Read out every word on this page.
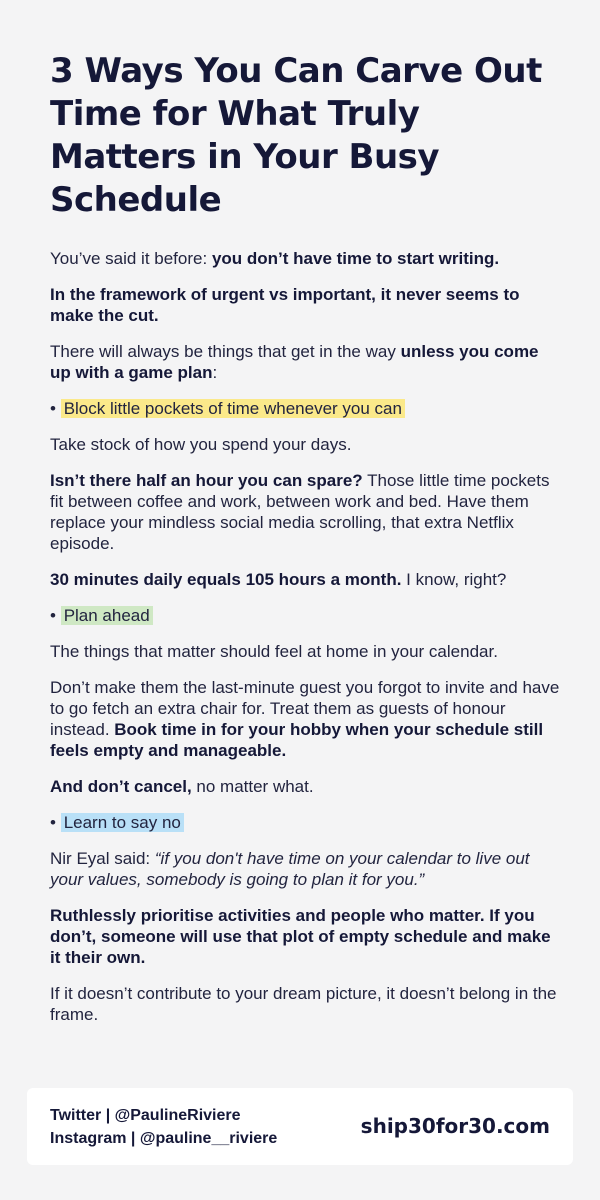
3 Ways You Can Carve Out Time for What Truly Matters in Your Busy Schedule

You’ve said it before: you don’t have time to start writing.

In the framework of urgent vs important, it never seems to make the cut.

There will always be things that get in the way unless you come up with a game plan:

• Block little pockets of time whenever you can

Take stock of how you spend your days.

Isn’t there half an hour you can spare? Those little time pockets fit between coffee and work, between work and bed. Have them replace your mindless social media scrolling, that extra Netflix episode.

30 minutes daily equals 105 hours a month. I know, right?

• Plan ahead

The things that matter should feel at home in your calendar.

Don’t make them the last-minute guest you forgot to invite and have to go fetch an extra chair for. Treat them as guests of honour instead. Book time in for your hobby when your schedule still feels empty and manageable.

And don’t cancel, no matter what.

• Learn to say no

Nir Eyal said: “if you don't have time on your calendar to live out your values, somebody is going to plan it for you.”

Ruthlessly prioritise activities and people who matter. If you don’t, someone will use that plot of empty schedule and make it their own.

If it doesn’t contribute to your dream picture, it doesn’t belong in the frame.

Twitter | @PaulineRiviere
Instagram | @pauline__riviere
ship30for30.com
